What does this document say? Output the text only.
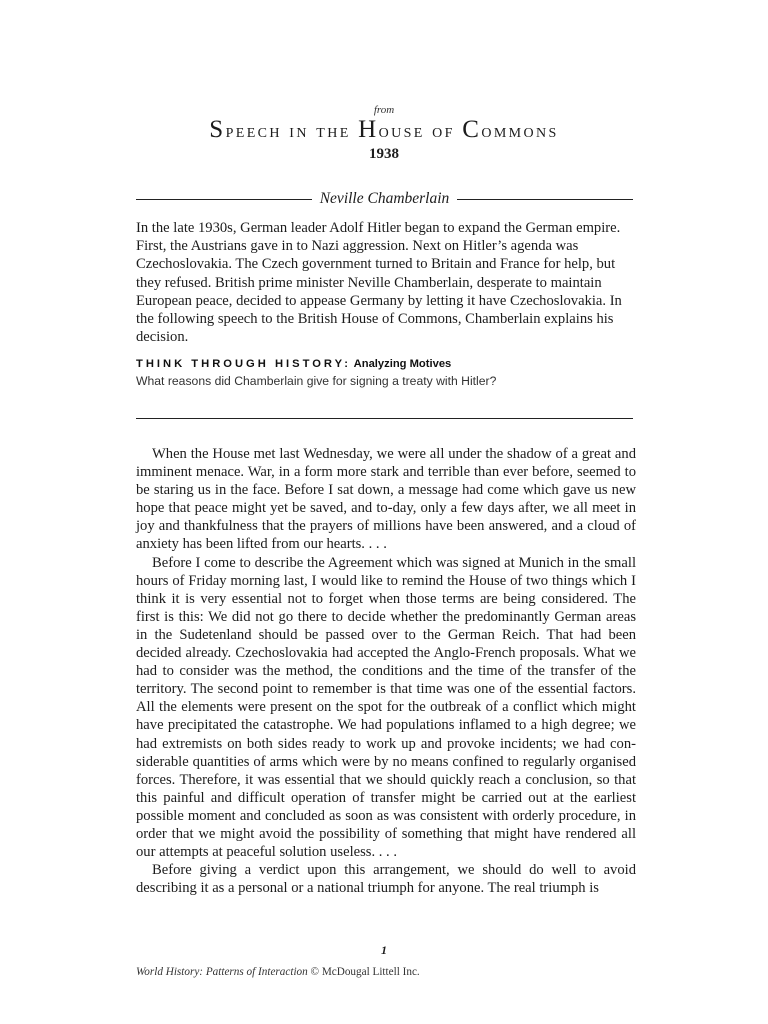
from
Speech in the House of Commons
1938
Neville Chamberlain

In the late 1930s, German leader Adolf Hitler began to expand the German empire. First, the Austrians gave in to Nazi aggression. Next on Hitler’s agenda was Czechoslovakia. The Czech government turned to Britain and France for help, but they refused. British prime minister Neville Chamberlain, desperate to maintain European peace, decided to appease Germany by letting it have Czechoslovakia. In the following speech to the British House of Commons, Chamberlain explains his decision.

THINK THROUGH HISTORY: Analyzing Motives
What reasons did Chamberlain give for signing a treaty with Hitler?

When the House met last Wednesday, we were all under the shadow of a great and imminent menace. War, in a form more stark and terrible than ever before, seemed to be staring us in the face. Before I sat down, a message had come which gave us new hope that peace might yet be saved, and to-day, only a few days after, we all meet in joy and thankfulness that the prayers of millions have been answered, and a cloud of anxiety has been lifted from our hearts. . . .

Before I come to describe the Agreement which was signed at Munich in the small hours of Friday morning last, I would like to remind the House of two things which I think it is very essential not to forget when those terms are being considered. The first is this: We did not go there to decide whether the predominantly German areas in the Sudetenland should be passed over to the German Reich. That had been decided already. Czechoslovakia had accepted the Anglo-French proposals. What we had to consider was the method, the conditions and the time of the transfer of the territory. The second point to remember is that time was one of the essential factors. All the elements were present on the spot for the outbreak of a conflict which might have precipitated the catastrophe. We had populations inflamed to a high degree; we had extremists on both sides ready to work up and provoke incidents; we had considerable quantities of arms which were by no means confined to regularly organised forces. Therefore, it was essential that we should quickly reach a conclusion, so that this painful and difficult operation of transfer might be carried out at the earliest possible moment and concluded as soon as was consistent with orderly procedure, in order that we might avoid the possibility of something that might have rendered all our attempts at peaceful solution useless. . . .

Before giving a verdict upon this arrangement, we should do well to avoid describing it as a personal or a national triumph for anyone. The real triumph is

1
World History: Patterns of Interaction © McDougal Littell Inc.
